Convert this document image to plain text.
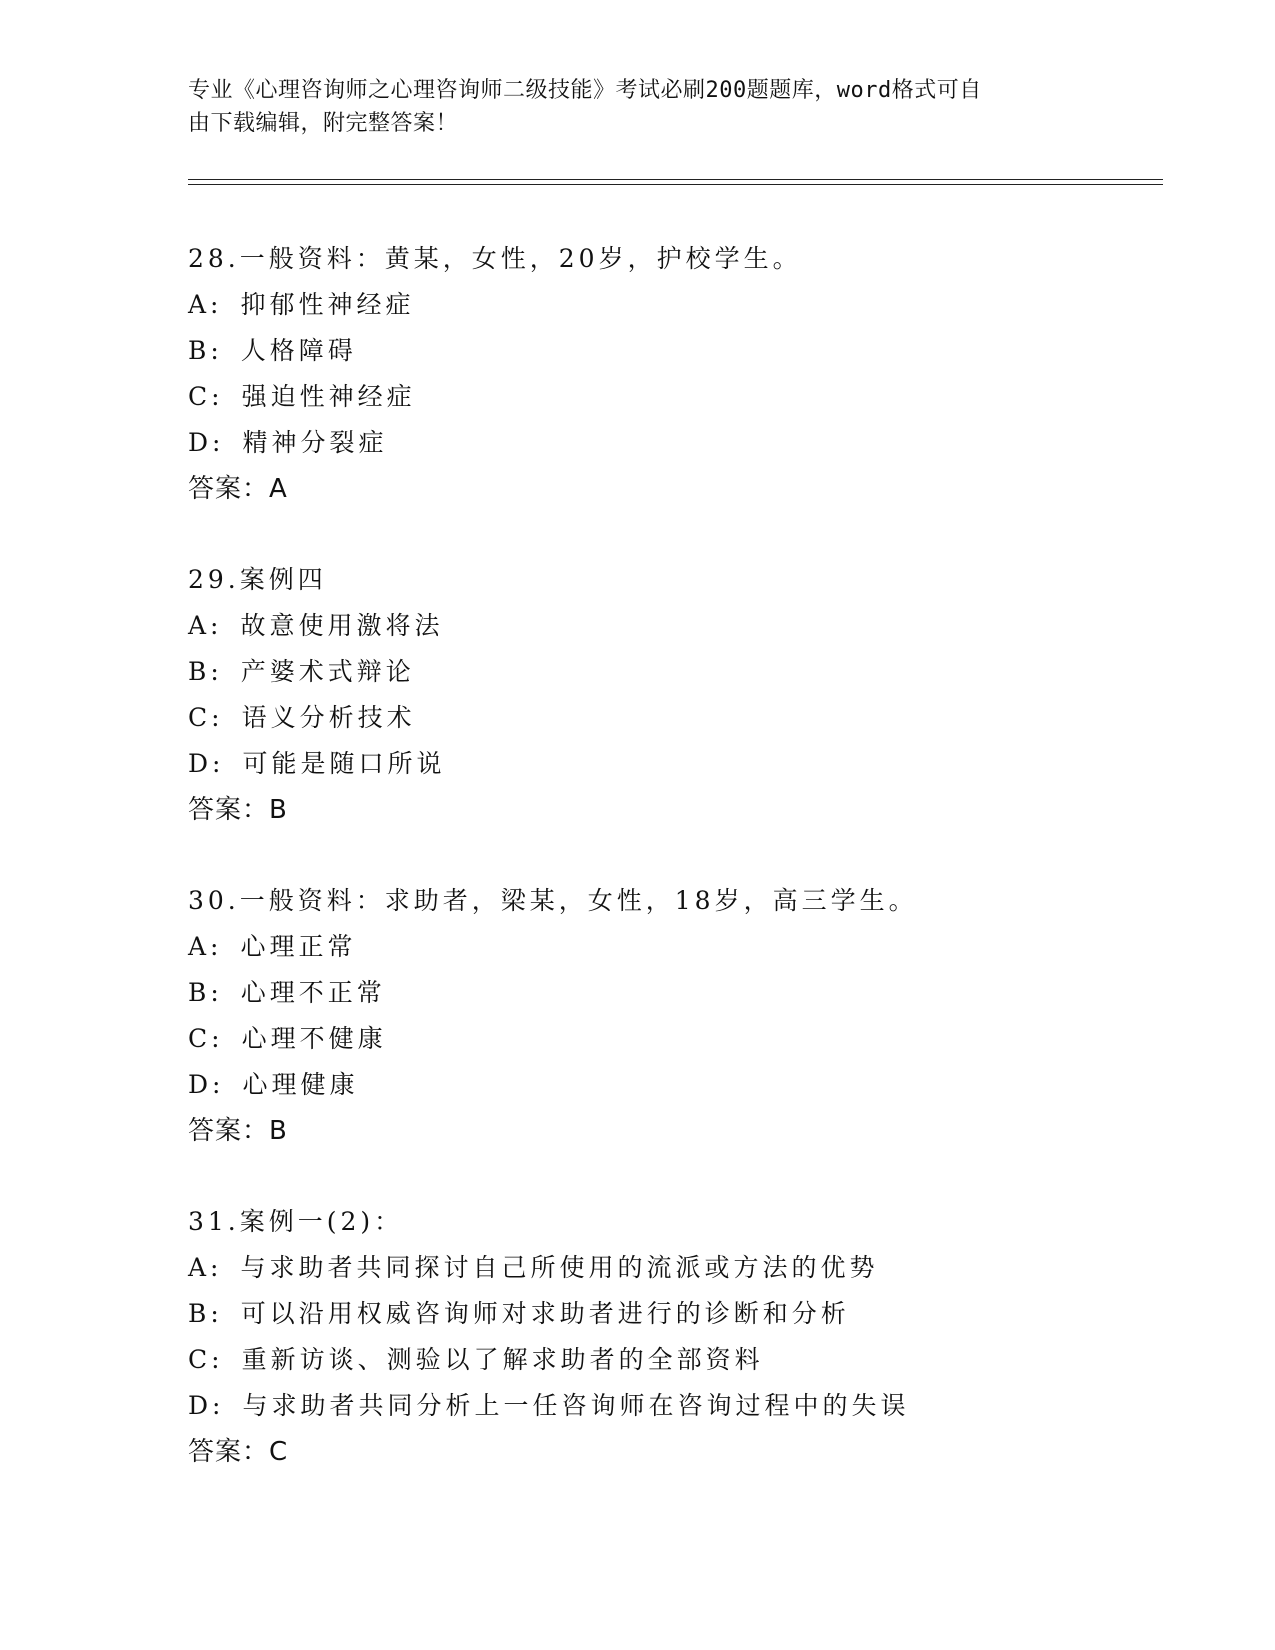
专业《心理咨询师之心理咨询师二级技能》考试必刷200题题库，word格式可自
由下载编辑，附完整答案！
28.一般资料：黄某，女性，20岁，护校学生。
A: 抑郁性神经症
B: 人格障碍
C: 强迫性神经症
D: 精神分裂症
答案：A
29.案例四
A: 故意使用激将法
B: 产婆术式辩论
C: 语义分析技术
D: 可能是随口所说
答案：B
30.一般资料：求助者，梁某，女性，18岁，高三学生。
A: 心理正常
B: 心理不正常
C: 心理不健康
D: 心理健康
答案：B
31.案例一(2)：
A: 与求助者共同探讨自己所使用的流派或方法的优势
B: 可以沿用权威咨询师对求助者进行的诊断和分析
C: 重新访谈、测验以了解求助者的全部资料
D: 与求助者共同分析上一任咨询师在咨询过程中的失误
答案：C
